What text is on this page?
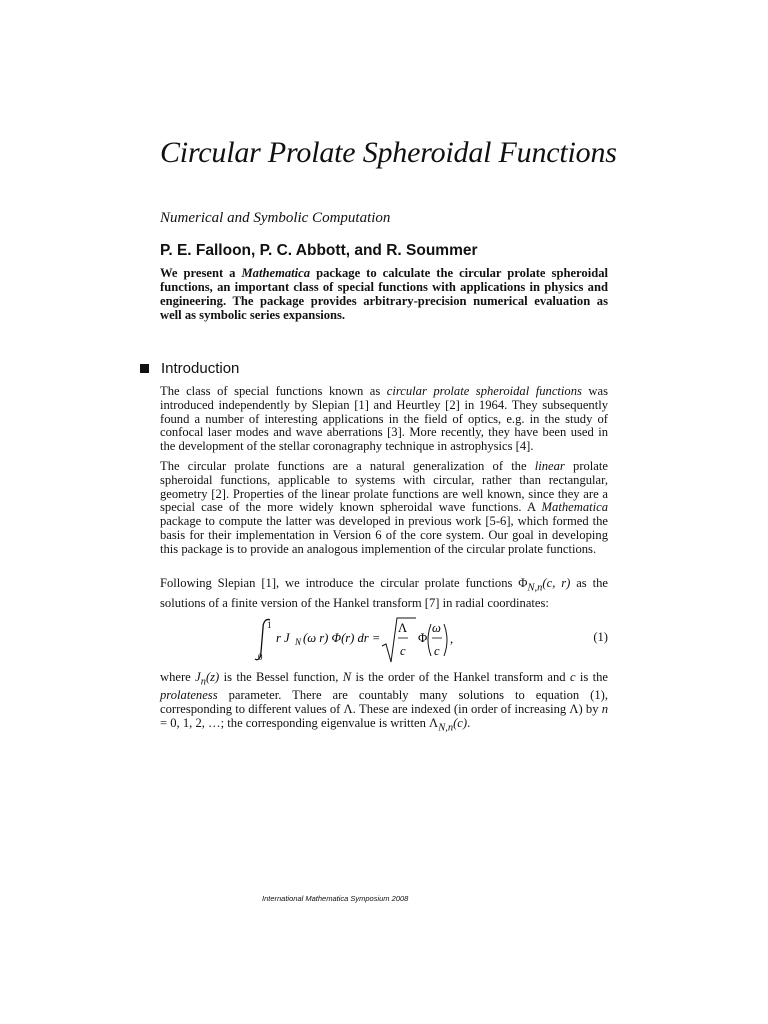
Circular Prolate Spheroidal Functions

Numerical and Symbolic Computation

P. E. Falloon, P. C. Abbott, and R. Soummer

We present a Mathematica package to calculate the circular prolate spheroidal functions, an important class of special functions with applications in physics and engineering. The package provides arbitrary-precision numerical evaluation as well as symbolic series expansions.

Introduction

The class of special functions known as circular prolate spheroidal functions was introduced independently by Slepian [1] and Heurtley [2] in 1964. They subsequently found a number of interesting applications in the field of optics, e.g. in the study of confocal laser modes and wave aberrations [3]. More recently, they have been used in the development of the stellar coronagraphy technique in astrophysics [4].

The circular prolate functions are a natural generalization of the linear prolate spheroidal functions, applicable to systems with circular, rather than rectangular, geometry [2]. Properties of the linear prolate functions are well known, since they are a special case of the more widely known spheroidal wave functions. A Mathematica package to compute the latter was developed in previous work [5-6], which formed the basis for their implementation in Version 6 of the core system. Our goal in developing this package is to provide an analogous implemention of the circular prolate functions.

Following Slepian [1], we introduce the circular prolate functions $\Phi_{N,n}(c$, r) as the solutions of a finite version of the Hankel transform [7] in radial coordinates:

1
0
r J N (ω r) Φ(r) dr =
Λ
c
Φ
ω
c
,	(1)

where $J_n(z)$ is the Bessel function, N is the order of the Hankel transform and c is the prolateness parameter. There are countably many solutions to equation (1), corresponding to different values of Λ. These are indexed (in order of increasing Λ) by n = 0, 1, 2, …; the corresponding eigenvalue is written $\Lambda_{N,n}(c)$.

International Mathematica Symposium 2008
